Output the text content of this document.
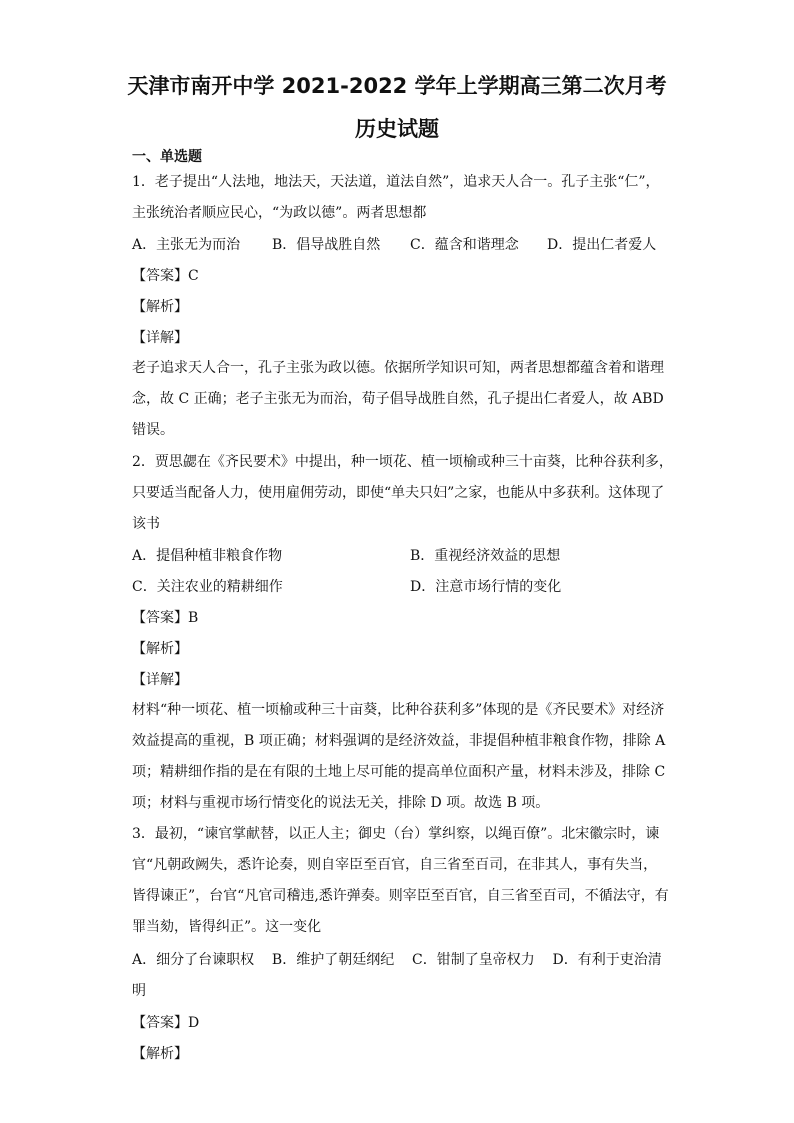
天津市南开中学 2021-2022 学年上学期高三第二次月考
历史试题
一、单选题
1．老子提出“人法地，地法天，天法道，道法自然”，追求天人合一。孔子主张“仁”，
主张统治者顺应民心，“为政以德”。两者思想都
A．主张无为而治 B．倡导战胜自然 C．蕴含和谐理念 D．提出仁者爱人
【答案】C
【解析】
【详解】
老子追求天人合一，孔子主张为政以德。依据所学知识可知，两者思想都蕴含着和谐理
念，故 C 正确；老子主张无为而治，荀子倡导战胜自然，孔子提出仁者爱人，故 ABD
错误。
2．贾思勰在《齐民要术》中提出，种一顷花、植一顷榆或种三十亩葵，比种谷获利多，
只要适当配备人力，使用雇佣劳动，即使“单夫只妇”之家，也能从中多获利。这体现了
该书
A．提倡种植非粮食作物	B．重视经济效益的思想
C．关注农业的精耕细作	D．注意市场行情的变化
【答案】B
【解析】
【详解】
材料“种一顷花、植一顷榆或种三十亩葵，比种谷获利多”体现的是《齐民要术》对经济
效益提高的重视，B 项正确；材料强调的是经济效益，非提倡种植非粮食作物，排除 A
项；精耕细作指的是在有限的土地上尽可能的提高单位面积产量，材料未涉及，排除 C
项；材料与重视市场行情变化的说法无关，排除 D 项。故选 B 项。
3．最初，“谏官掌献替，以正人主；御史（台）掌纠察，以绳百僚”。北宋徽宗时，谏
官“凡朝政阙失，悉许论奏，则自宰臣至百官，自三省至百司，在非其人，事有失当，
皆得谏正”，台官“凡官司稽违,悉许弹奏。则宰臣至百官，自三省至百司，不循法守，有
罪当劾，皆得纠正”。这一变化
A．细分了台谏职权    B．维护了朝廷纲纪    C．钳制了皇帝权力    D．有利于吏治清
明
【答案】D
【解析】
